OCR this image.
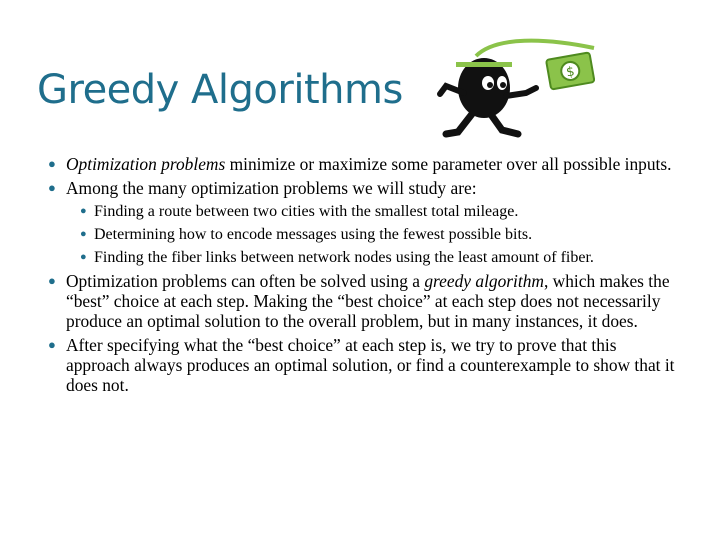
Greedy Algorithms	$
● Optimization problems minimize or maximize some parameter over all possible inputs.
● Among the many optimization problems we will study are:
● Finding a route between two cities with the smallest total mileage.
● Determining how to encode messages using the fewest possible bits.
● Finding the fiber links between network nodes using the least amount of fiber.
● Optimization problems can often be solved using a greedy algorithm, which makes the “best” choice at each step. Making the “best choice” at each step does not necessarily produce an optimal solution to the overall problem, but in many instances, it does.
● After specifying what the “best choice” at each step is, we try to prove that this approach always produces an optimal solution, or find a counterexample to show that it does not.
